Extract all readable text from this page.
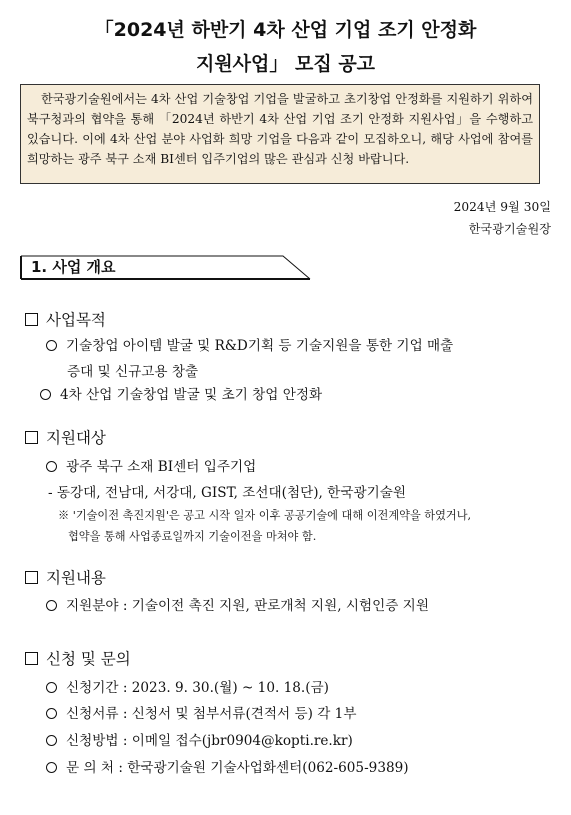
「2024년 하반기 4차 산업 기업 조기 안정화
지원사업」 모집 공고
한국광기술원에서는 4차 산업 기술창업 기업을 발굴하고 초기창업 안정화를 지원하기 위하여 북구청과의 협약을 통해 「2024년 하반기 4차 산업 기업 조기 안정화 지원사업」을 수행하고 있습니다. 이에 4차 산업 분야 사업화 희망 기업을 다음과 같이 모집하오니, 해당 사업에 참여를 희망하는 광주 북구 소재 BI센터 입주기업의 많은 관심과 신청 바랍니다.
2024년 9월 30일
한국광기술원장
1. 사업 개요
사업목적
기술창업 아이템 발굴 및 R&D기획 등 기술지원을 통한 기업 매출
증대 및 신규고용 창출
4차 산업 기술창업 발굴 및 초기 창업 안정화
지원대상
광주 북구 소재 BI센터 입주기업
- 동강대, 전남대, 서강대, GIST, 조선대(첨단), 한국광기술원
※ '기술이전 촉진지원'은 공고 시작 일자 이후 공공기술에 대해 이전계약을 하였거나,
협약을 통해 사업종료일까지 기술이전을 마쳐야 함.
지원내용
지원분야 : 기술이전 촉진 지원, 판로개척 지원, 시험인증 지원
신청 및 문의
신청기간 : 2023. 9. 30.(월) ~ 10. 18.(금)
신청서류 : 신청서 및 첨부서류(견적서 등) 각 1부
신청방법 : 이메일 접수(jbr0904@kopti.re.kr)
문 의 처 : 한국광기술원 기술사업화센터(062-605-9389)
